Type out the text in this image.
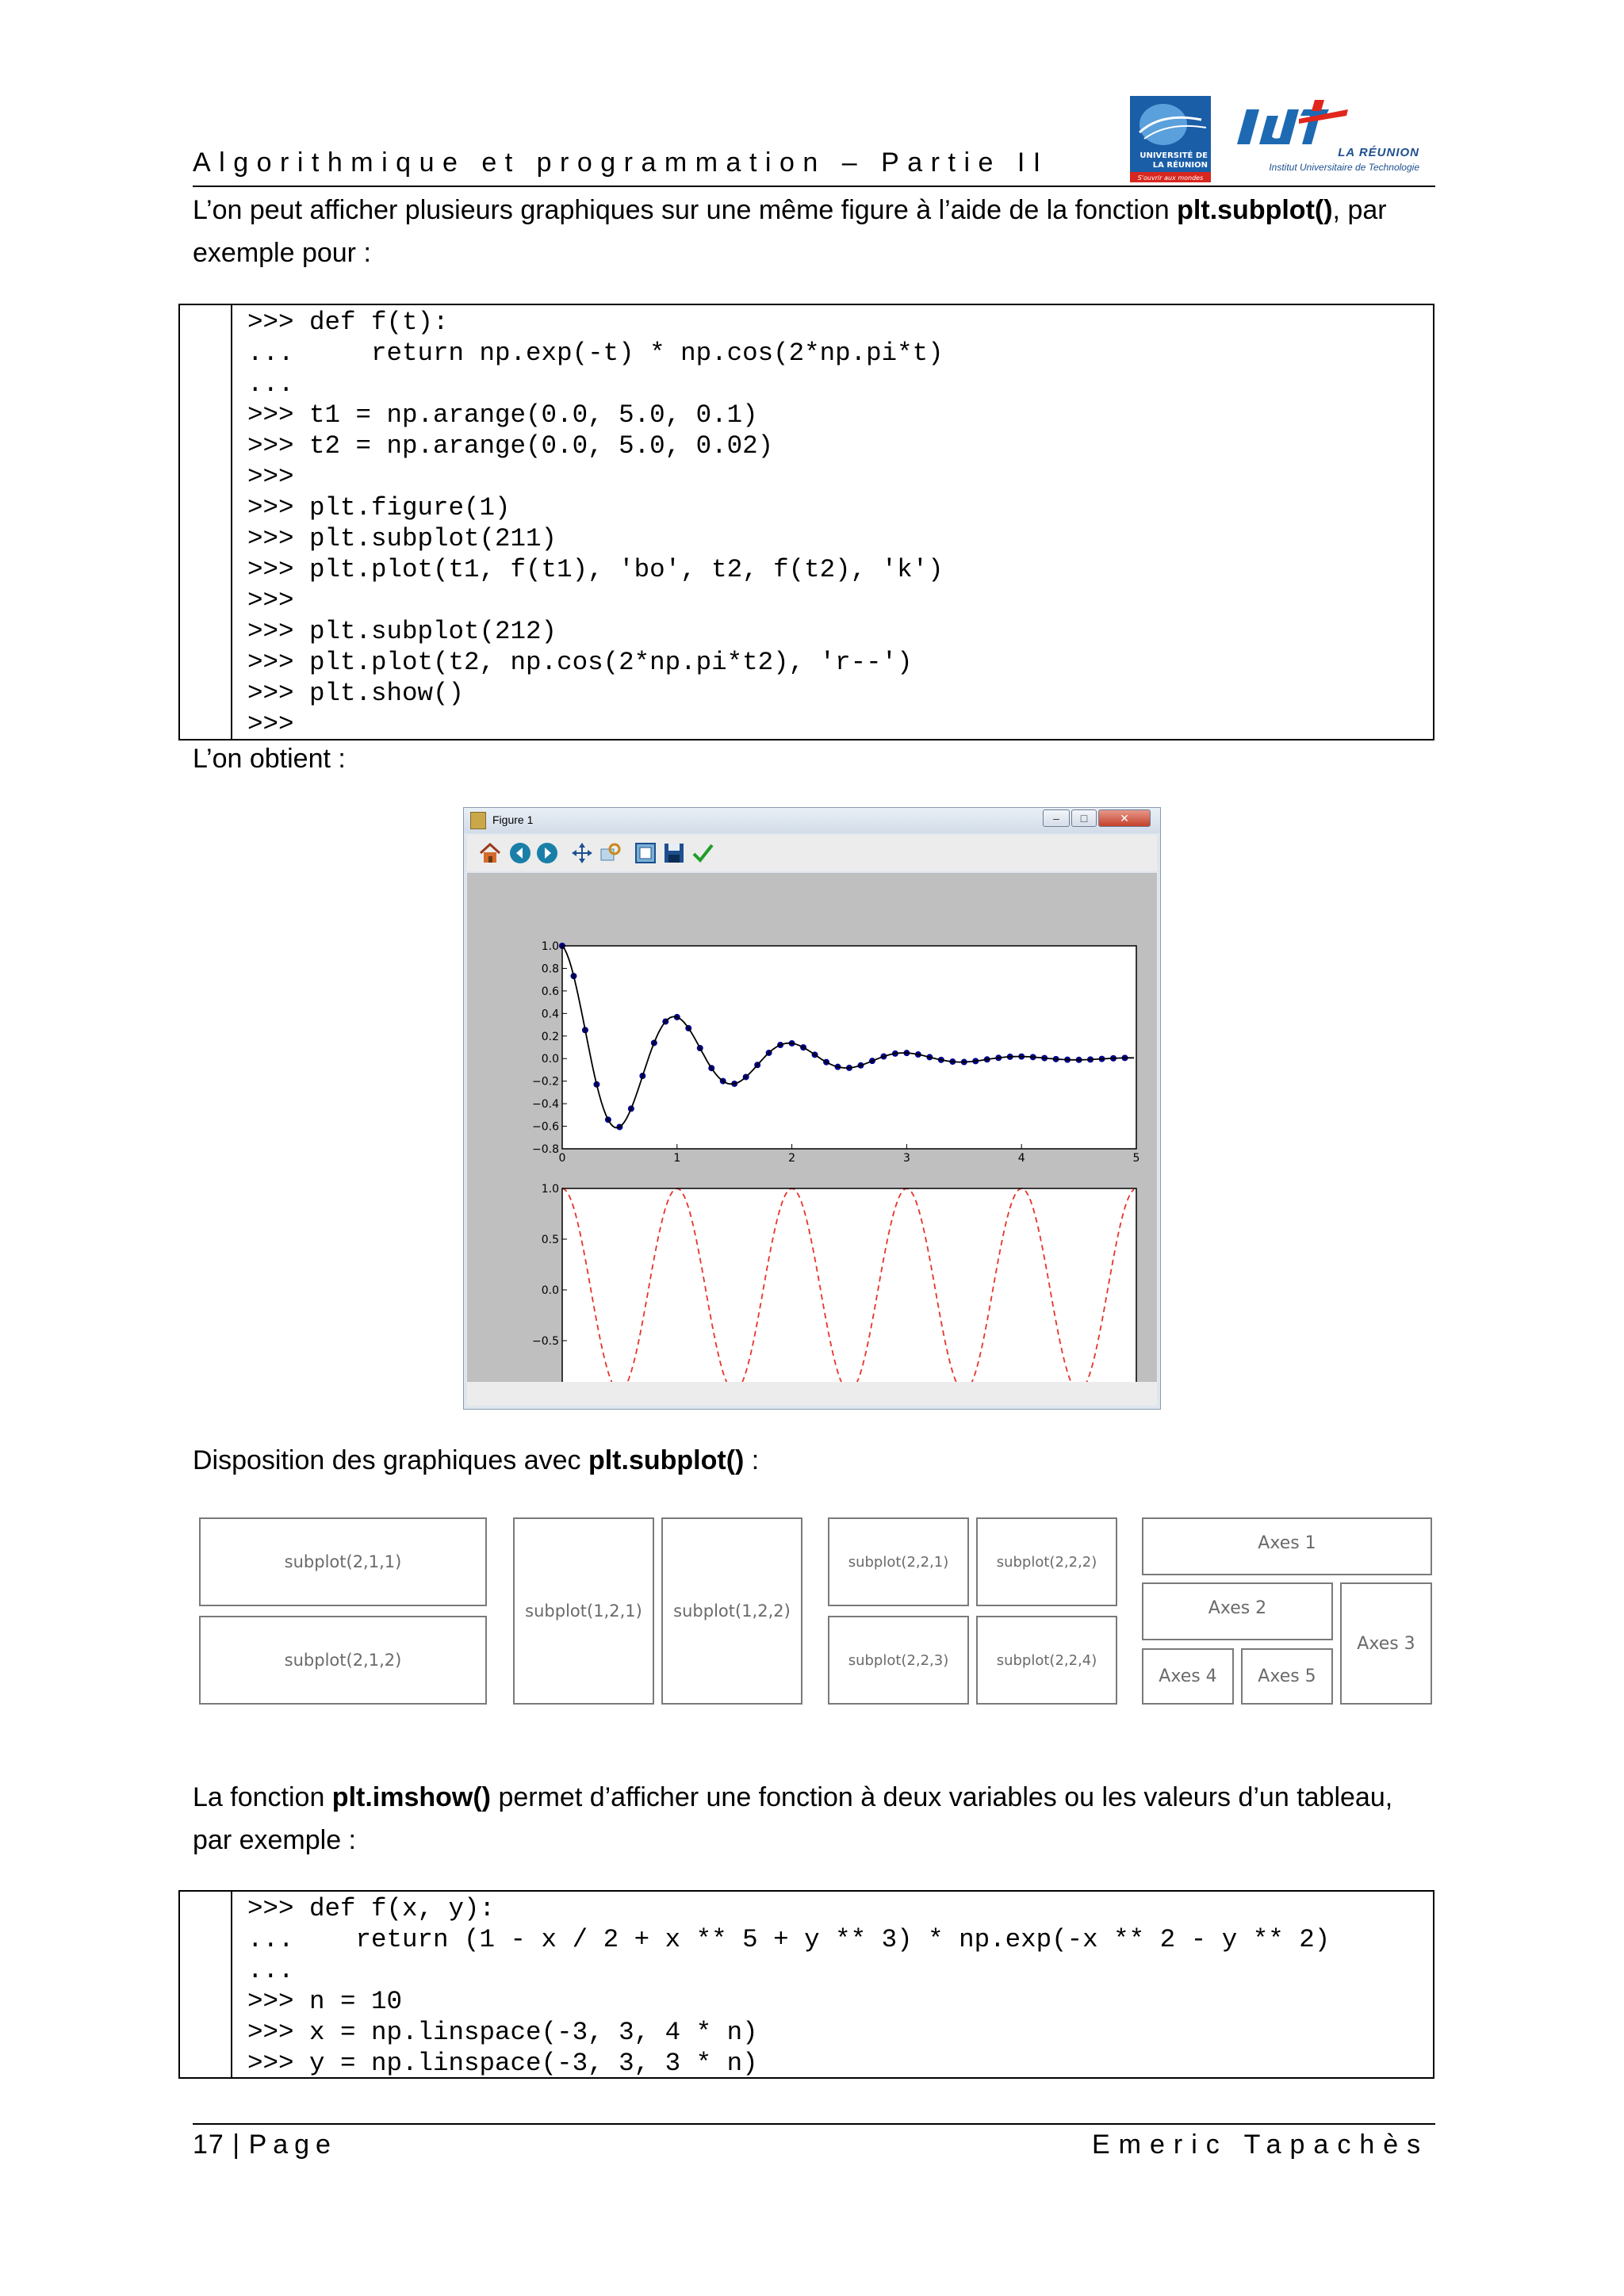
Algorithmique et programmation – Partie II	UNIVERSITÉ DE
LA RÉUNION
S'ouvrir aux mondes
LA RÉUNION
Institut Universitaire de Technologie
L’on peut afficher plusieurs graphiques sur une même figure à l’aide de la fonction plt.subplot(), par exemple pour :
>>> def f(t):
...     return np.exp(-t) * np.cos(2*np.pi*t)
...
>>> t1 = np.arange(0.0, 5.0, 0.1)
>>> t2 = np.arange(0.0, 5.0, 0.02)
>>>
>>> plt.figure(1)
>>> plt.subplot(211)
>>> plt.plot(t1, f(t1), 'bo', t2, f(t2), 'k')
>>>
>>> plt.subplot(212)
>>> plt.plot(t2, np.cos(2*np.pi*t2), 'r--')
>>> plt.show()
>>>
L’on obtient :
Figure 1	–	□	✕
0	1	2	3	4	5
1.0
0.8
0.6
0.4
0.2
0.0
−0.2
−0.4
−0.6
−0.8
1.0
0.5
0.0
−0.5
Disposition des graphiques avec plt.subplot() :
subplot(2,1,1)
subplot(2,1,2)
subplot(1,2,1)	subplot(1,2,2)
subplot(2,2,1)	subplot(2,2,2)
subplot(2,2,3)	subplot(2,2,4)
Axes 1
Axes 2
Axes 3
Axes 4	Axes 5
La fonction plt.imshow() permet d’afficher une fonction à deux variables ou les valeurs d’un tableau, par exemple :
>>> def f(x, y):
...    return (1 - x / 2 + x ** 5 + y ** 3) * np.exp(-x ** 2 - y ** 2)
...
>>> n = 10
>>> x = np.linspace(-3, 3, 4 * n)
>>> y = np.linspace(-3, 3, 3 * n)
17 | Page	Emeric Tapachès
